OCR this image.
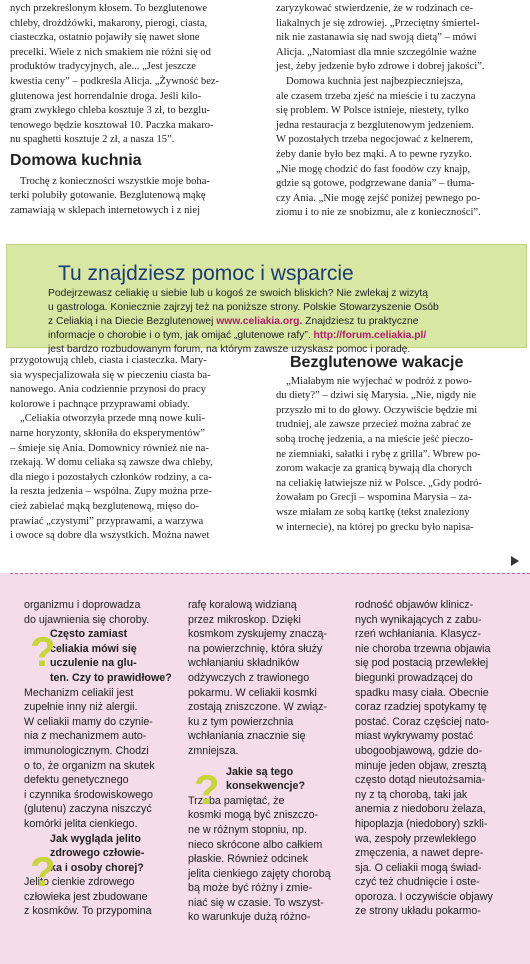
nych przekreślonym kłosem. To bezglutenowe
chleby, drożdżówki, makarony, pierogi, ciasta,
ciasteczka, ostatnio pojawiły się nawet słone
precelki. Wiele z nich smakiem nie różni się od
produktów tradycyjnych, ale... „Jest jeszcze
kwestia ceny” – podkreśla Alicja. „Żywność bez-
glutenowa jest horrendalnie droga. Jeśli kilo-
gram zwykłego chleba kosztuje 3 zł, to bezglu-
tenowego będzie kosztował 10. Paczka makaro-
nu spaghetti kosztuje 2 zł, a nasza 15”.
Domowa kuchnia
Trochę z konieczności wszystkie moje boha-
terki polubiły gotowanie. Bezglutenową mąkę
zamawiają w sklepach internetowych i z niej
zaryzykować stwierdzenie, że w rodzinach ce-
liakalnych je się zdrowiej. „Przeciętny śmiertel-
nik nie zastanawia się nad swoją dietą” – mówi
Alicja. „Natomiast dla mnie szczególnie ważne
jest, żeby jedzenie było zdrowe i dobrej jakości”.
Domowa kuchnia jest najbezpieczniejsza,
ale czasem trzeba zjeść na mieście i tu zaczyna
się problem. W Polsce istnieje, niestety, tylko
jedna restauracja z bezglutenowym jedzeniem.
W pozostałych trzeba negocjować z kelnerem,
żeby danie było bez mąki. A to pewne ryzyko.
„Nie mogę chodzić do fast foodów czy knajp,
gdzie są gotowe, podgrzewane dania” – tłuma-
czy Ania. „Nie mogę zejść poniżej pewnego po-
ziomu i to nie ze snobizmu, ale z konieczności”.
Tu znajdziesz pomoc i wsparcie
Podejrzewasz celiakię u siebie lub u kogoś ze swoich bliskich? Nie zwlekaj z wizytą
u gastrologa. Koniecznie zajrzyj też na poniższe strony. Polskie Stowarzyszenie Osób
z Celiakią i na Diecie Bezglutenowej www.celiakia.org. Znajdziesz tu praktyczne
informacje o chorobie i o tym, jak omijać „glutenowe rafy”. http://forum.celiakia.pl/
jest bardzo rozbudowanym forum, na którym zawsze uzyskasz pomoc i poradę.
przygotowują chleb, ciasta i ciasteczka. Mary-
sia wyspecjalizowała się w pieczeniu ciasta ba-
nanowego. Ania codziennie przynosi do pracy
kolorowe i pachnące przyprawami obiady.
„Celiakia otworzyła przede mną nowe kuli-
narne horyzonty, skłoniła do eksperymentów”
– śmieje się Ania. Domownicy również nie na-
rzekają. W domu celiaka są zawsze dwa chleby,
dla niego i pozostałych członków rodziny, a ca-
ła reszta jedzenia – wspólna. Zupy można prze-
cież zabielać mąką bezglutenową, mięso do-
prawiać „czystymi” przyprawami, a warzywa
i owoce są dobre dla wszystkich. Można nawet
Bezglutenowe wakacje
„Miałabym nie wyjechać w podróż z powo-
du diety?” – dziwi się Marysia. „Nie, nigdy nie
przyszło mi to do głowy. Oczywiście będzie mi
trudniej, ale zawsze przecież można zabrać ze
sobą trochę jedzenia, a na mieście jeść pieczo-
ne ziemniaki, sałatki i rybę z grilla”. Wbrew po-
zorom wakacje za granicą bywają dla chorych
na celiakię łatwiejsze niż w Polsce. „Gdy podró-
żowałam po Grecji – wspomina Marysia – za-
wsze miałam ze sobą kartkę (tekst znaleziony
w internecie), na której po grecku było napisa-
organizmu i doprowadza
do ujawnienia się choroby.
Często zamiast
celiakia mówi się
uczulenie na glu-
ten. Czy to prawidłowe?
Mechanizm celiakii jest
zupełnie inny niż alergii.
W celiakii mamy do czynie-
nia z mechanizmem auto-
immunologicznym. Chodzi
o to, że organizm na skutek
defektu genetycznego
i czynnika środowiskowego
(glutenu) zaczyna niszczyć
komórki jelita cienkiego.
Jak wygląda jelito
zdrowego człowie-
ka i osoby chorej?
Jelito cienkie zdrowego
człowieka jest zbudowane
z kosmków. To przypomina
?
?
rafę koralową widzianą
przez mikroskop. Dzięki
kosmkom zyskujemy znaczą-
na powierzchnię, która służy
wchłanianiu składników
odżywczych z trawionego
pokarmu. W celiakii kosmki
zostają zniszczone. W związ-
ku z tym powierzchnia
wchłaniania znacznie się
zmniejsza.
Jakie są tego
konsekwencje?
Trzeba pamiętać, że
kosmki mogą być zniszczo-
ne w różnym stopniu, np.
nieco skrócone albo całkiem
płaskie. Również odcinek
jelita cienkiego zajęty chorobą
bą może być różny i zmie-
niać się w czasie. To wszyst-
ko warunkuje dużą różno-
?
rodność objawów klinicz-
nych wynikających z zabu-
rzeń wchłaniania. Klasycz-
nie choroba trzewna objawia
się pod postacią przewlekłej
biegunki prowadzącej do
spadku masy ciała. Obecnie
coraz rzadziej spotykamy tę
postać. Coraz częściej nato-
miast wykrywamy postać
ubogoobjawową, gdzie do-
minuje jeden objaw, zresztą
często dotąd nieutożsamia-
ny z tą chorobą, taki jak
anemia z niedoboru żelaza,
hipoplazja (niedobory) szkli-
wa, zespoły przewlekłego
zmęczenia, a nawet depre-
sja. O celiakii mogą świad-
czyć też chudnięcie i oste-
oporoza. I oczywiście objawy
ze strony układu pokarmo-
